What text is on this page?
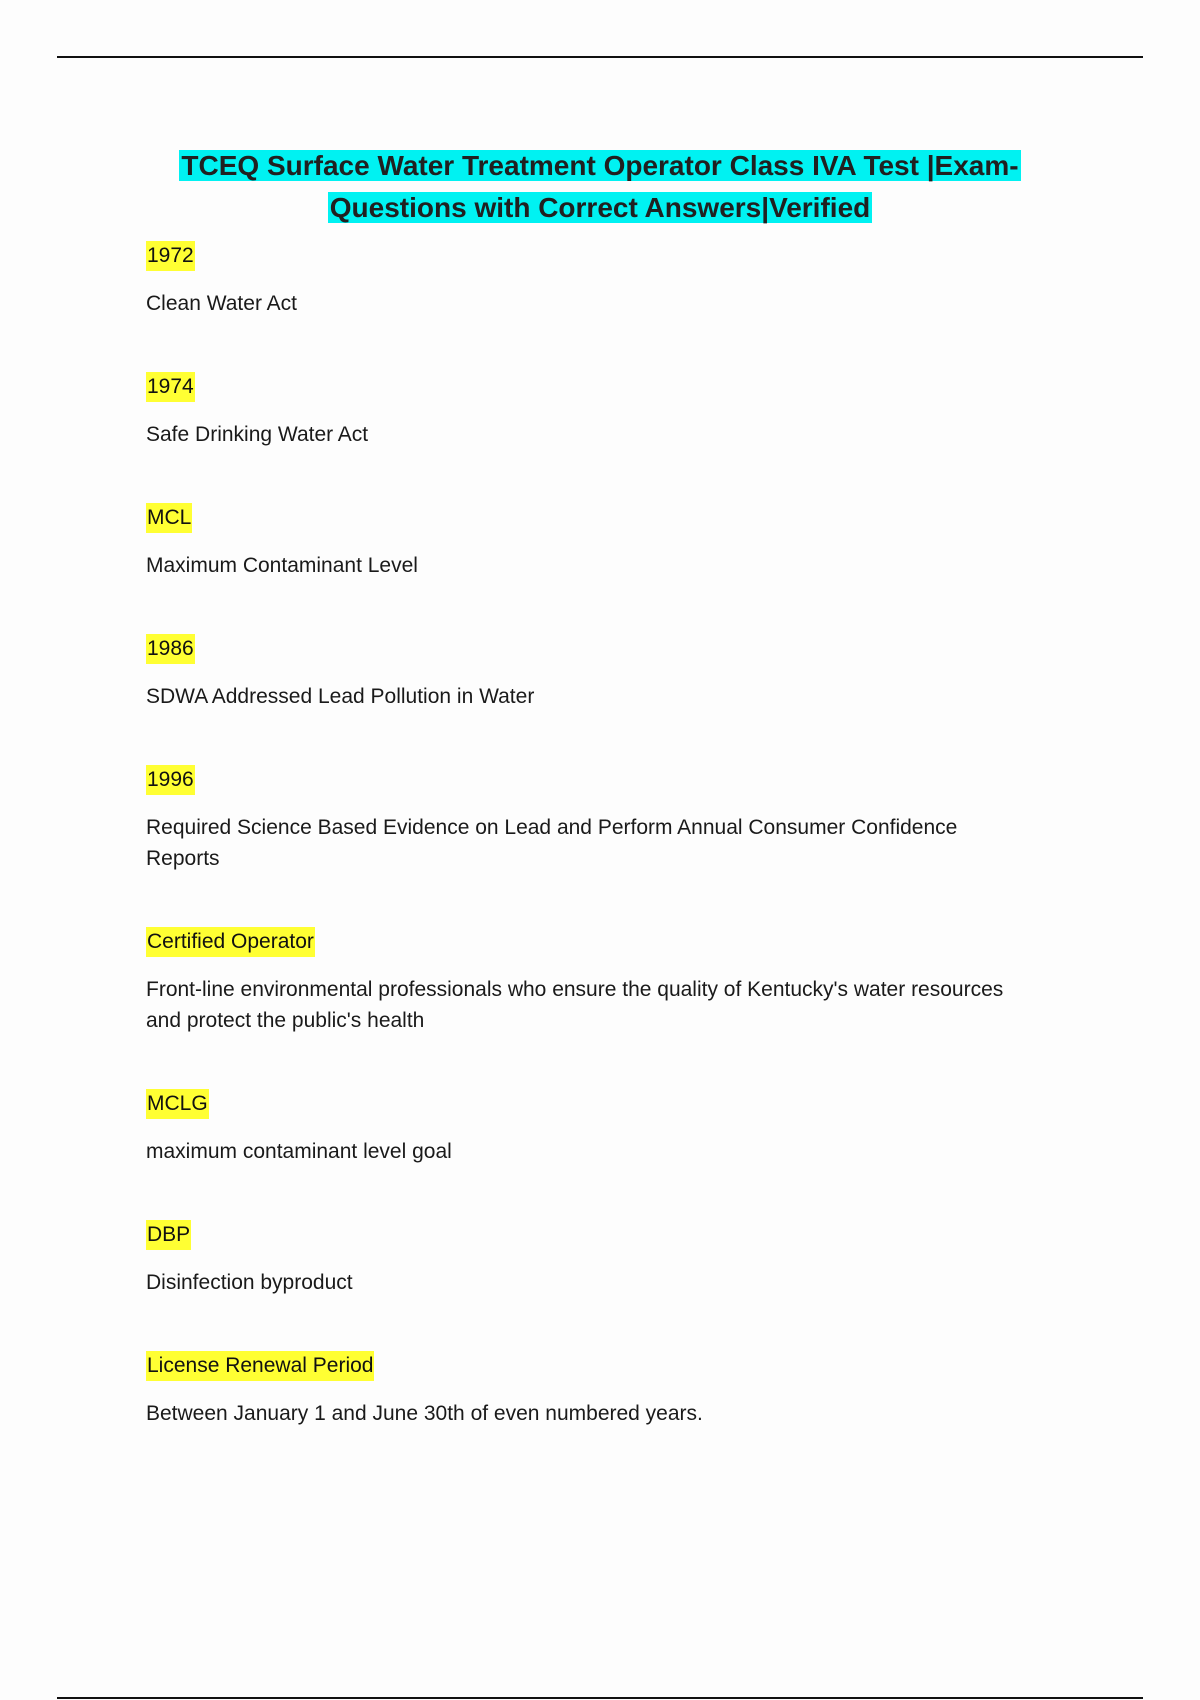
TCEQ Surface Water Treatment Operator Class IVA Test |Exam-
Questions with Correct Answers|Verified
1972
Clean Water Act
1974
Safe Drinking Water Act
MCL
Maximum Contaminant Level
1986
SDWA Addressed Lead Pollution in Water
1996
Required Science Based Evidence on Lead and Perform Annual Consumer Confidence Reports
Certified Operator
Front-line environmental professionals who ensure the quality of Kentucky's water resources and protect the public's health
MCLG
maximum contaminant level goal
DBP
Disinfection byproduct
License Renewal Period
Between January 1 and June 30th of even numbered years.
